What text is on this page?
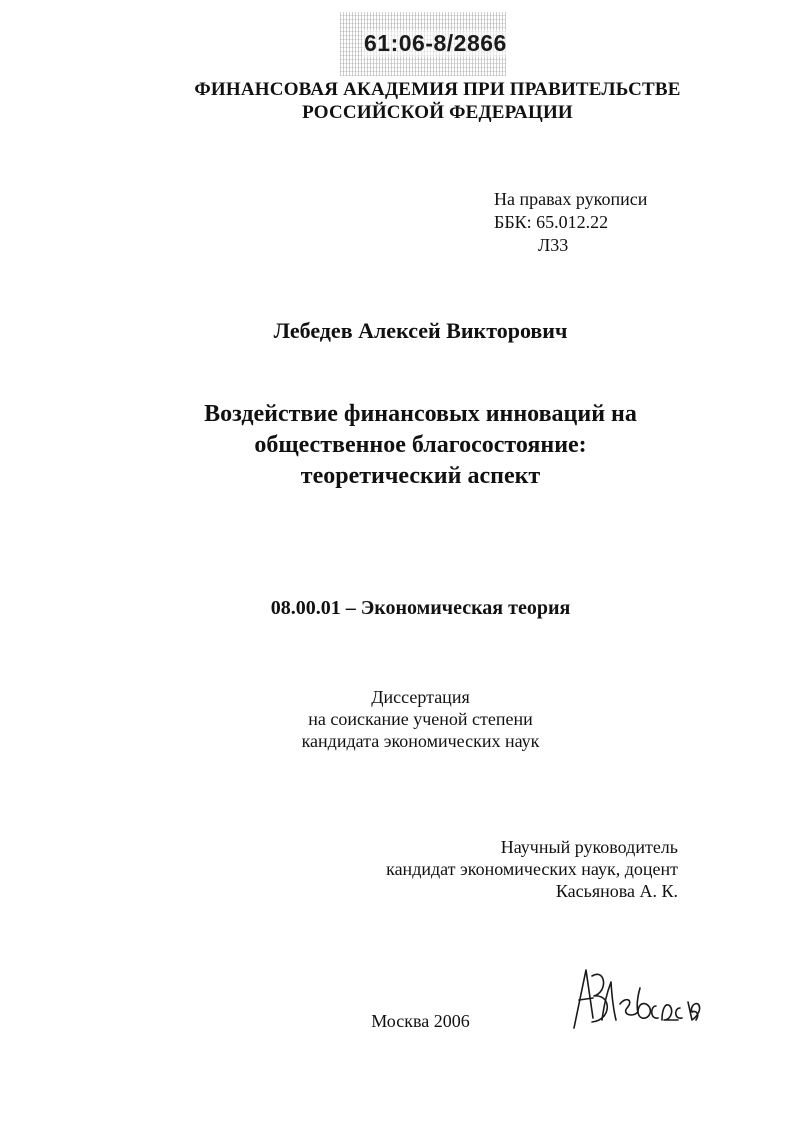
61:06-8/2866
ФИНАНСОВАЯ АКАДЕМИЯ ПРИ ПРАВИТЕЛЬСТВЕ
РОССИЙСКОЙ ФЕДЕРАЦИИ
На правах рукописи
ББК: 65.012.22
Л33
Лебедев Алексей Викторович
Воздействие финансовых инноваций на
общественное благосостояние:
теоретический аспект
08.00.01 – Экономическая теория
Диссертация
на соискание ученой степени
кандидата экономических наук
Научный руководитель
кандидат экономических наук, доцент
Касьянова А. К.
Москва 2006
